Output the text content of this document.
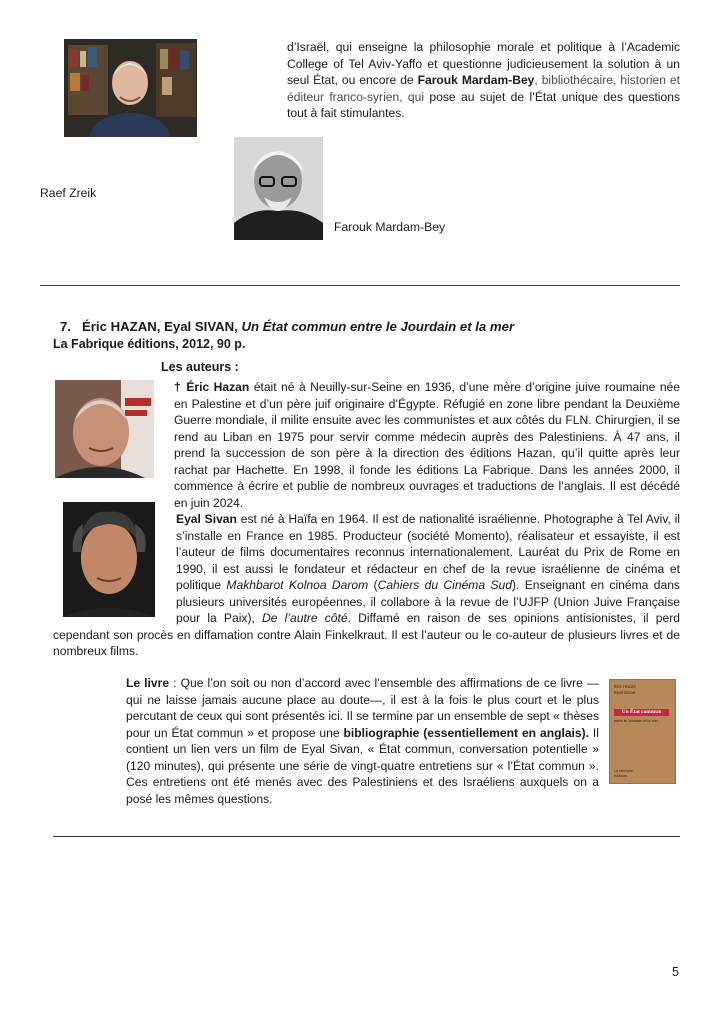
d’Israël, qui enseigne la philosophie morale et politique à l’Academic College of Tel Aviv-Yaffo et questionne judicieusement la solution à un seul État, ou encore de Farouk Mardam-Bey, bibliothécaire, historien et éditeur franco-syrien, qui pose au sujet de l’État unique des questions tout à fait stimulantes.
Raef Zreik
Farouk Mardam-Bey
7. Éric HAZAN, Eyal SIVAN, Un État commun entre le Jourdain et la mer
La Fabrique éditions, 2012, 90 p.
Les auteurs :
† Éric Hazan était né à Neuilly-sur-Seine en 1936, d’une mère d’origine juive roumaine née en Palestine et d’un père juif originaire d’Égypte. Réfugié en zone libre pendant la Deuxième Guerre mondiale, il milite ensuite avec les communistes et aux côtés du FLN. Chirurgien, il se rend au Liban en 1975 pour servir comme médecin auprès des Palestiniens. À 47 ans, il prend la succession de son père à la direction des éditions Hazan, qu’il quitte après leur rachat par Hachette. En 1998, il fonde les éditions La Fabrique. Dans les années 2000, il commence à écrire et publie de nombreux ouvrages et traductions de l’anglais. Il est décédé en juin 2024.
Eyal Sivan est né à Haïfa en 1964. Il est de nationalité israélienne. Photographe à Tel Aviv, il s’installe en France en 1985. Producteur (société Momento), réalisateur et essayiste, il est l’auteur de films documentaires reconnus internationalement. Lauréat du Prix de Rome en 1990, il est aussi le fondateur et rédacteur en chef de la revue israélienne de cinéma et politique Makhbarot Kolnoa Darom (Cahiers du Cinéma Sud). Enseignant en cinéma dans plusieurs universités européennes, il collabore à la revue de l’UJFP (Union Juive Française pour la Paix), De l’autre côté. Diffamé en raison de ses opinions antisionistes, il perd cependant son procès en diffamation contre Alain Finkelkraut. Il est l’auteur ou le co-auteur de plusieurs livres et de nombreux films.
Le livre : Que l’on soit ou non d’accord avec l’ensemble des affirmations de ce livre —qui ne laisse jamais aucune place au doute—, il est à la fois le plus court et le plus percutant de ceux qui sont présentés ici. Il se termine par un ensemble de sept « thèses pour un État commun » et propose une bibliographie (essentiellement en anglais). Il contient un lien vers un film de Eyal Sivan, « État commun, conversation potentielle » (120 minutes), qui présente une série de vingt-quatre entretiens sur « l’État commun ». Ces entretiens ont été menés avec des Palestiniens et des Israéliens auxquels on a posé les mêmes questions.
Éric Hazan
Eyal Sivan
Un État commun
entre le Jourdain et la mer
La fabrique
éditions
5
